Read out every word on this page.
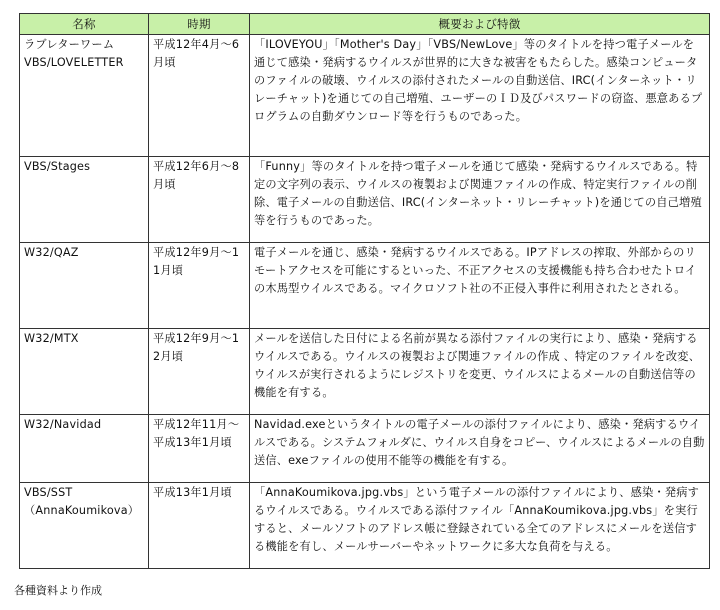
名称	時期	概要および特徴
ラブレターワーム
VBS/LOVELETTER	平成12年4月〜6月頃	「ILOVEYOU」「Mother's Day」「VBS/NewLove」等のタイトルを持つ電子メールを通じて感染・発病するウイルスが世界的に大きな被害をもたらした。感染コンピュータのファイルの破壊、ウイルスの添付されたメールの自動送信、IRC(インターネット・リレーチャット)を通じての自己増殖、ユーザーのＩＤ及びパスワードの窃盗、悪意あるプログラムの自動ダウンロード等を行うものであった。
VBS/Stages	平成12年6月〜8月頃	「Funny」等のタイトルを持つ電子メールを通じて感染・発病するウイルスである。特定の文字列の表示、ウイルスの複製および関連ファイルの作成、特定実行ファイルの削除、電子メールの自動送信、IRC(インターネット・リレーチャット)を通じての自己増殖等を行うものであった。
W32/QAZ	平成12年9月〜11月頃	電子メールを通じ、感染・発病するウイルスである。IPアドレスの搾取、外部からのリモートアクセスを可能にするといった、不正アクセスの支援機能も持ち合わせたトロイの木馬型ウイルスである。マイクロソフト社の不正侵入事件に利用されたとされる。
W32/MTX	平成12年9月〜12月頃	メールを送信した日付による名前が異なる添付ファイルの実行により、感染・発病するウイルスである。ウイルスの複製および関連ファイルの作成 、特定のファイルを改変、ウイルスが実行されるようにレジストリを変更、ウイルスによるメールの自動送信等の機能を有する。
W32/Navidad	平成12年11月〜平成13年1月頃	Navidad.exeというタイトルの電子メールの添付ファイルにより、感染・発病するウイルスである。システムフォルダに、ウイルス自身をコピー、ウイルスによるメールの自動送信、exeファイルの使用不能等の機能を有する。
VBS/SST
（AnnaKoumikova）	平成13年1月頃	「AnnaKoumikova.jpg.vbs」という電子メールの添付ファイルにより、感染・発病するウイルスである。ウイルスである添付ファイル「AnnaKoumikova.jpg.vbs」を実行すると、メールソフトのアドレス帳に登録されている全てのアドレスにメールを送信する機能を有し、メールサーバーやネットワークに多大な負荷を与える。
各種資料より作成
